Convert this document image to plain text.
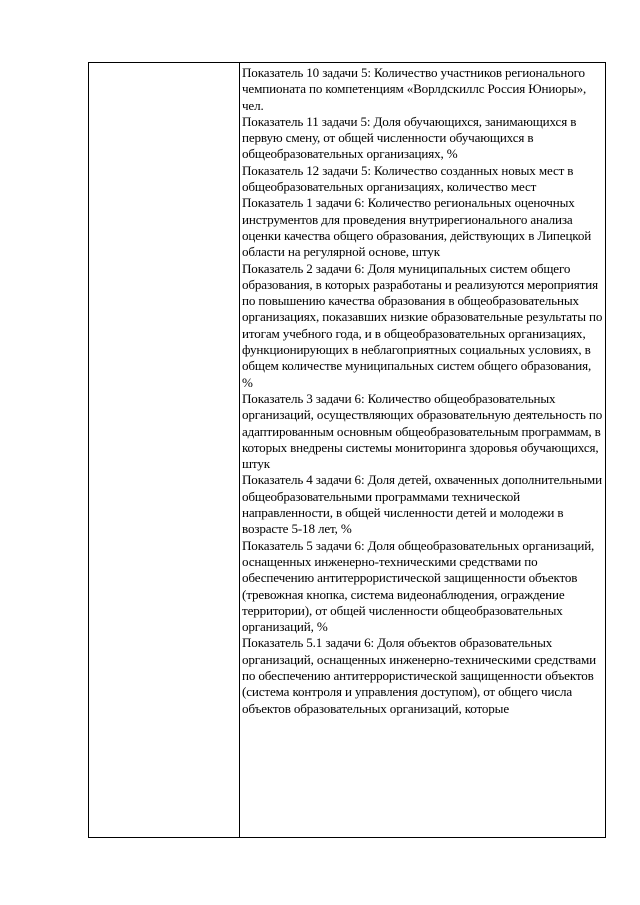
Показатель 10 задачи 5: Количество участников регионального чемпионата по компетенциям «Ворлдскиллс Россия Юниоры», чел.
Показатель 11 задачи 5: Доля обучающихся, занимающихся в первую смену, от общей численности обучающихся в общеобразовательных организациях, %
Показатель 12 задачи 5: Количество созданных новых мест в общеобразовательных организациях, количество мест
Показатель 1 задачи 6: Количество региональных оценочных инструментов для проведения внутрирегионального анализа оценки качества общего образования, действующих в Липецкой области на регулярной основе, штук
Показатель 2 задачи 6: Доля муниципальных систем общего образования, в которых разработаны и реализуются мероприятия по повышению качества образования в общеобразовательных организациях, показавших низкие образовательные результаты по итогам учебного года, и в общеобразовательных организациях, функционирующих в неблагоприятных социальных условиях, в общем количестве муниципальных систем общего образования, %
Показатель 3 задачи 6: Количество общеобразовательных организаций, осуществляющих образовательную деятельность по адаптированным основным общеобразовательным программам, в которых внедрены системы мониторинга здоровья обучающихся, штук
Показатель 4 задачи 6: Доля детей, охваченных дополнительными общеобразовательными программами технической направленности, в общей численности детей и молодежи в возрасте 5-18 лет, %
Показатель 5 задачи 6: Доля общеобразовательных организаций, оснащенных инженерно-техническими средствами по обеспечению антитеррористической защищенности объектов (тревожная кнопка, система видеонаблюдения, ограждение территории), от общей численности общеобразовательных организаций, %
Показатель 5.1 задачи 6: Доля объектов образовательных организаций, оснащенных инженерно-техническими средствами по обеспечению антитеррористической защищенности объектов (система контроля и управления доступом), от общего числа объектов образовательных организаций, которые
